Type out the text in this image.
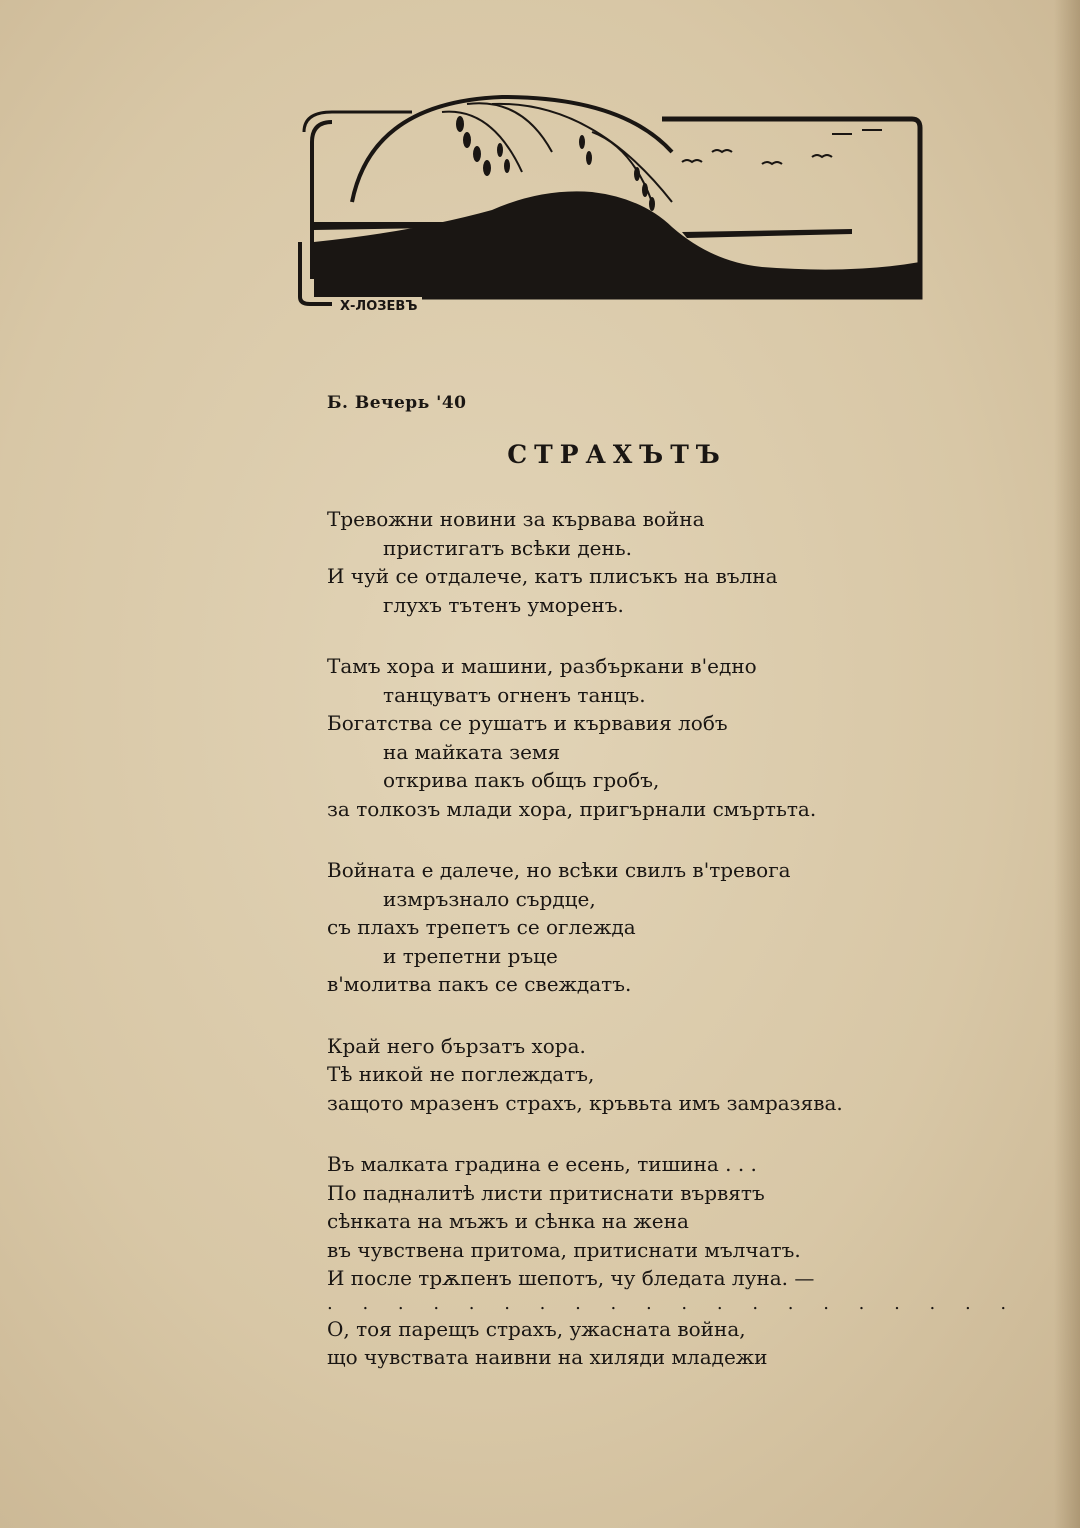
Х-ЛОЗЕВЪ
Б. Вечерь '40
СТРАХЪТЪ
Тревожни новини за кървава война
пристигатъ всѣки день.
И чуй се отдалече, катъ плисъкъ на вълна
глухъ тътенъ уморенъ.
Тамъ хора и машини, разбъркани в'едно
танцуватъ огненъ танцъ.
Богатства се рушатъ и кървавия лобъ
на майката земя
открива пакъ общъ гробъ,
за толкозъ млади хора, пригърнали смъртьта.
Войната е далече, но всѣки свилъ в'тревога
измръзнало сърдце,
съ плахъ трепетъ се оглежда
и трепетни ръце
в'молитва пакъ се свеждатъ.
Край него бързатъ хора.
Тѣ никой не поглеждатъ,
защото мразенъ страхъ, кръвьта имъ замразява.
Въ малката градина е есень, тишина . . .
По падналитѣ листи притиснати вървятъ
сѣнката на мъжъ и сѣнка на жена
въ чувствена притома, притиснати мълчатъ.
И после трѫпенъ шепотъ, чу бледата луна. —
. . . . . . . . . . . . . . . . . . . .
О, тоя парещъ страхъ, ужасната война,
що чувствата наивни на хиляди младежи
